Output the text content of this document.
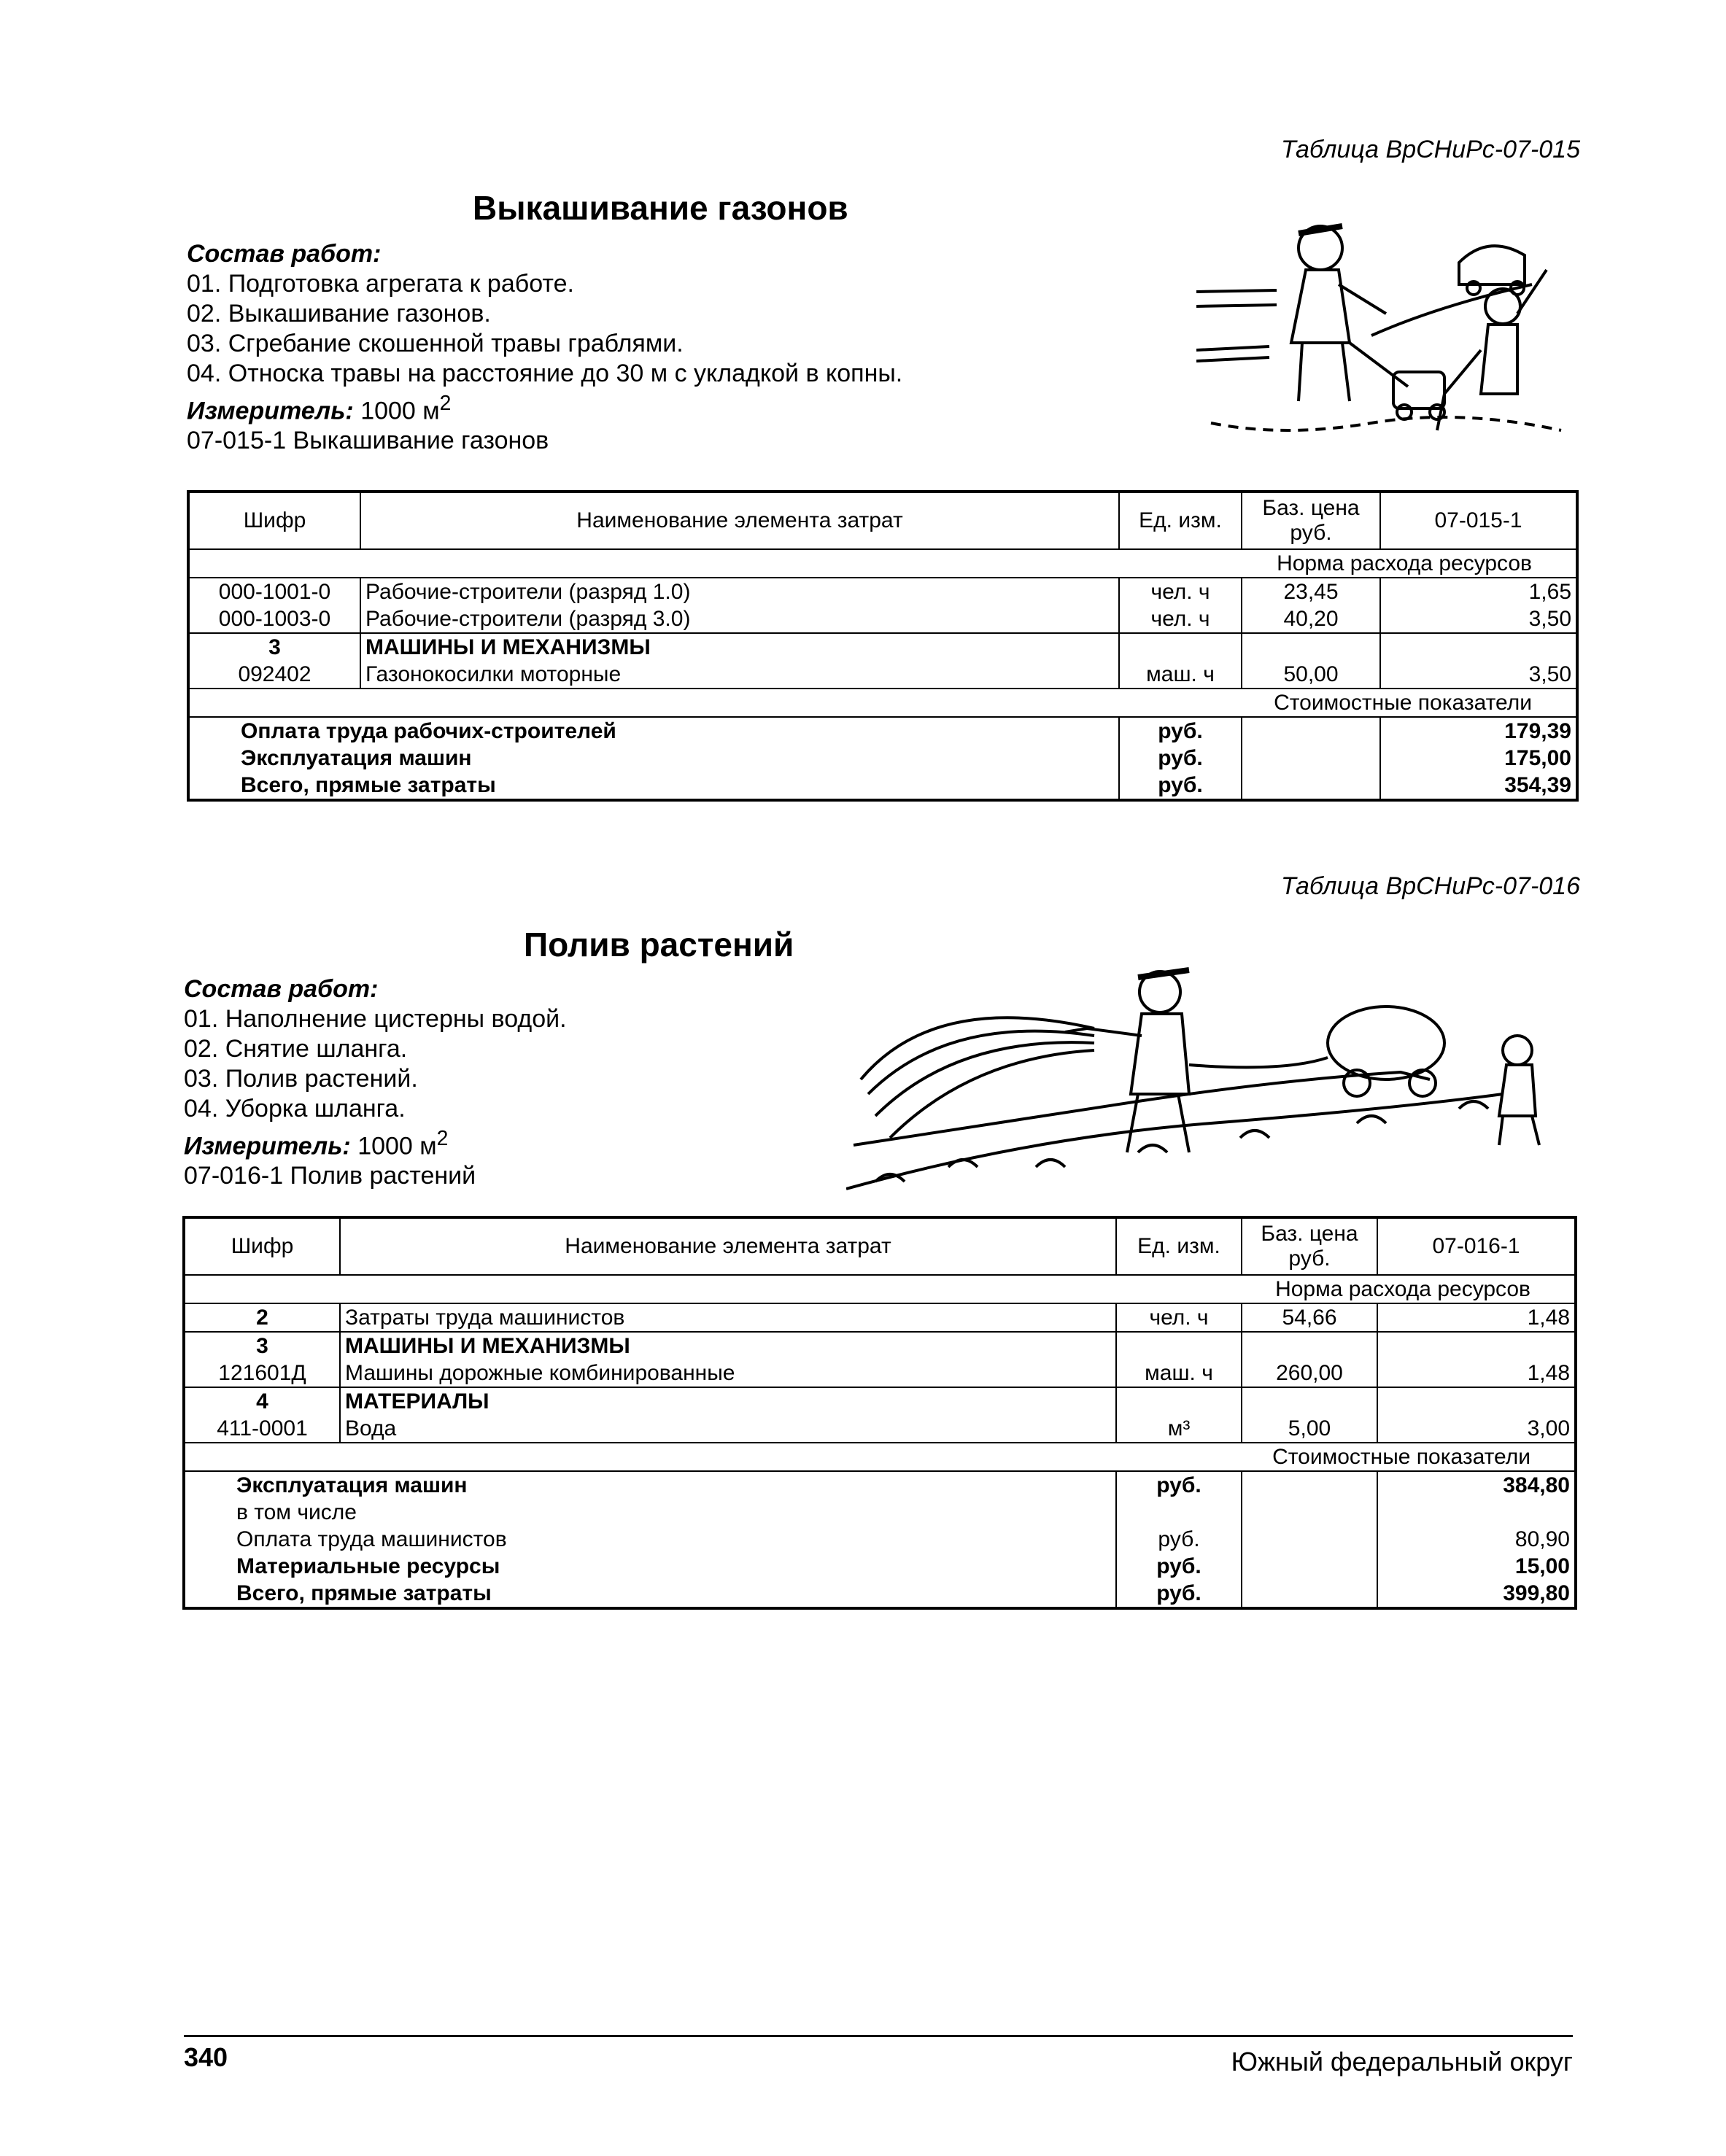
Таблица ВрСНиРс-07-015
Выкашивание газонов
Состав работ:
01. Подготовка агрегата к работе.
02. Выкашивание газонов.
03. Сгребание скошенной травы граблями.
04. Относка травы на расстояние до 30 м с укладкой в копны.
Измеритель: 1000 $м^2$
07-015-1 Выкашивание газонов
Шифр	Наименование элемента затрат	Ед. изм.	Баз. цена руб.	07-015-1
Норма расхода ресурсов				
000-1001-0	Рабочие-строители (разряд 1.0)	чел. ч	23,45	1,65
000-1003-0	Рабочие-строители (разряд 3.0)	чел. ч	40,20	3,50
3	МАШИНЫ И МЕХАНИЗМЫ			
092402	Газонокосилки моторные	маш. ч	50,00	3,50
Стоимостные показатели				
Оплата труда рабочих-строителей		руб.		179,39
Эксплуатация машин		руб.		175,00
Всего, прямые затраты		руб.		354,39
Таблица ВрСНиРс-07-016
Полив растений
Состав работ:
01. Наполнение цистерны водой.
02. Снятие шланга.
03. Полив растений.
04. Уборка шланга.
Измеритель: 1000 $м^2$
07-016-1 Полив растений
Шифр	Наименование элемента затрат	Ед. изм.	Баз. цена руб.	07-016-1
Норма расхода ресурсов				
2	Затраты труда машинистов	чел. ч	54,66	1,48
3	МАШИНЫ И МЕХАНИЗМЫ			
121601Д	Машины дорожные комбинированные	маш. ч	260,00	1,48
4	МАТЕРИАЛЫ			
411-0001	Вода	м³	5,00	3,00
Стоимостные показатели				
Эксплуатация машин		руб.		384,80
в том числе				
Оплата труда машинистов		руб.		80,90
Материальные ресурсы		руб.		15,00
Всего, прямые затраты		руб.		399,80
340	Южный федеральный округ
